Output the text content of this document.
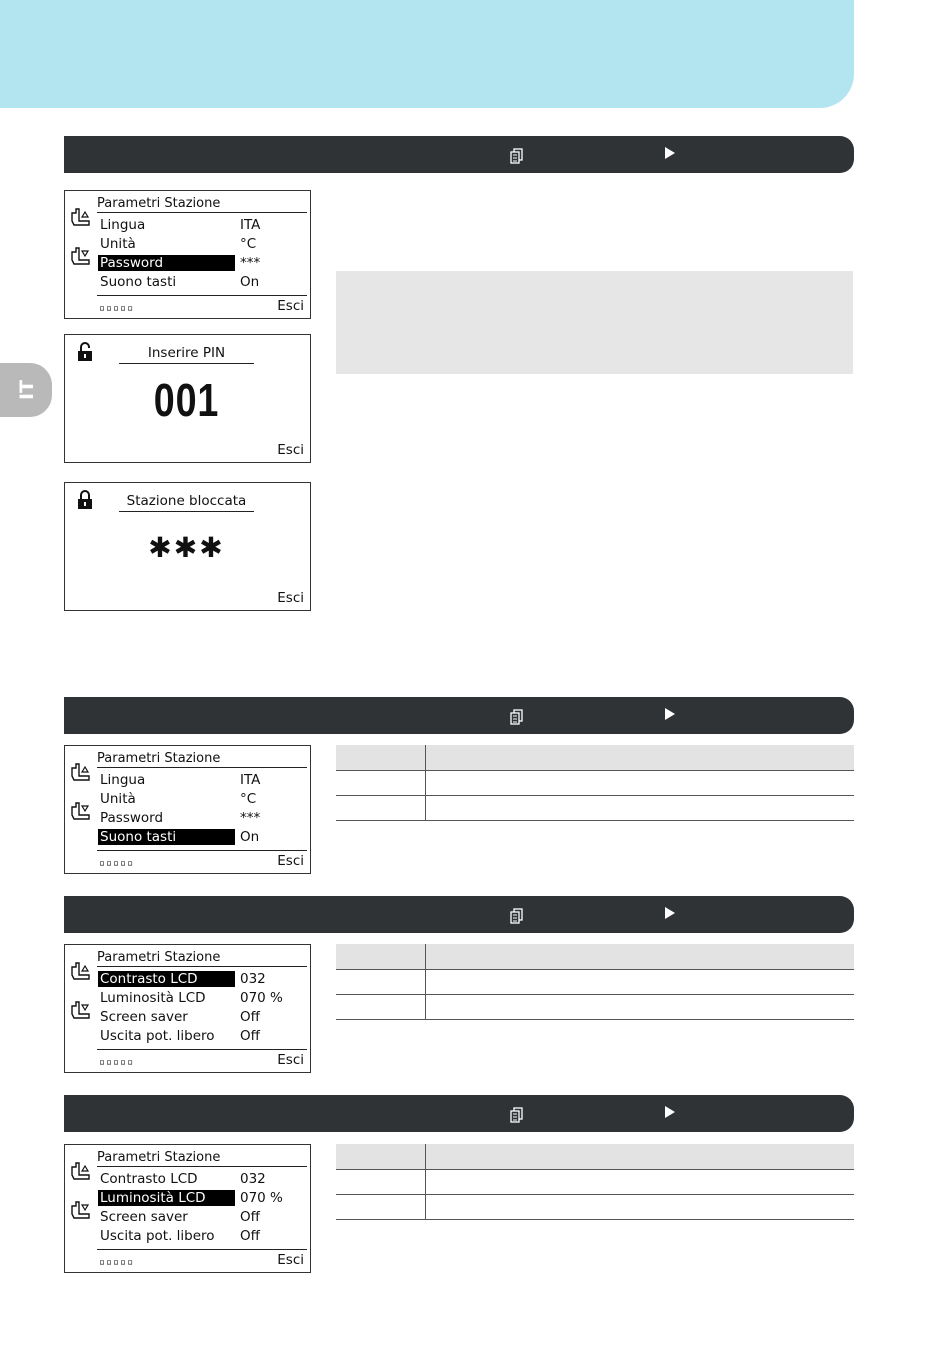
IT
Parametri Stazione
Lingua	ITA
Unità	°C
Password	***
Suono tasti	On
▫▫▫▫▫	Esci
Inserire PIN
001
Esci
Stazione bloccata
✱✱✱
Esci
Parametri Stazione
Lingua	ITA
Unità	°C
Password	***
Suono tasti	On
▫▫▫▫▫	Esci
Parametri Stazione
Contrasto LCD	032
Luminosità LCD	070 %
Screen saver	Off
Uscita pot. libero	Off
▫▫▫▫▫	Esci
Parametri Stazione
Contrasto LCD	032
Luminosità LCD	070 %
Screen saver	Off
Uscita pot. libero	Off
▫▫▫▫▫	Esci
